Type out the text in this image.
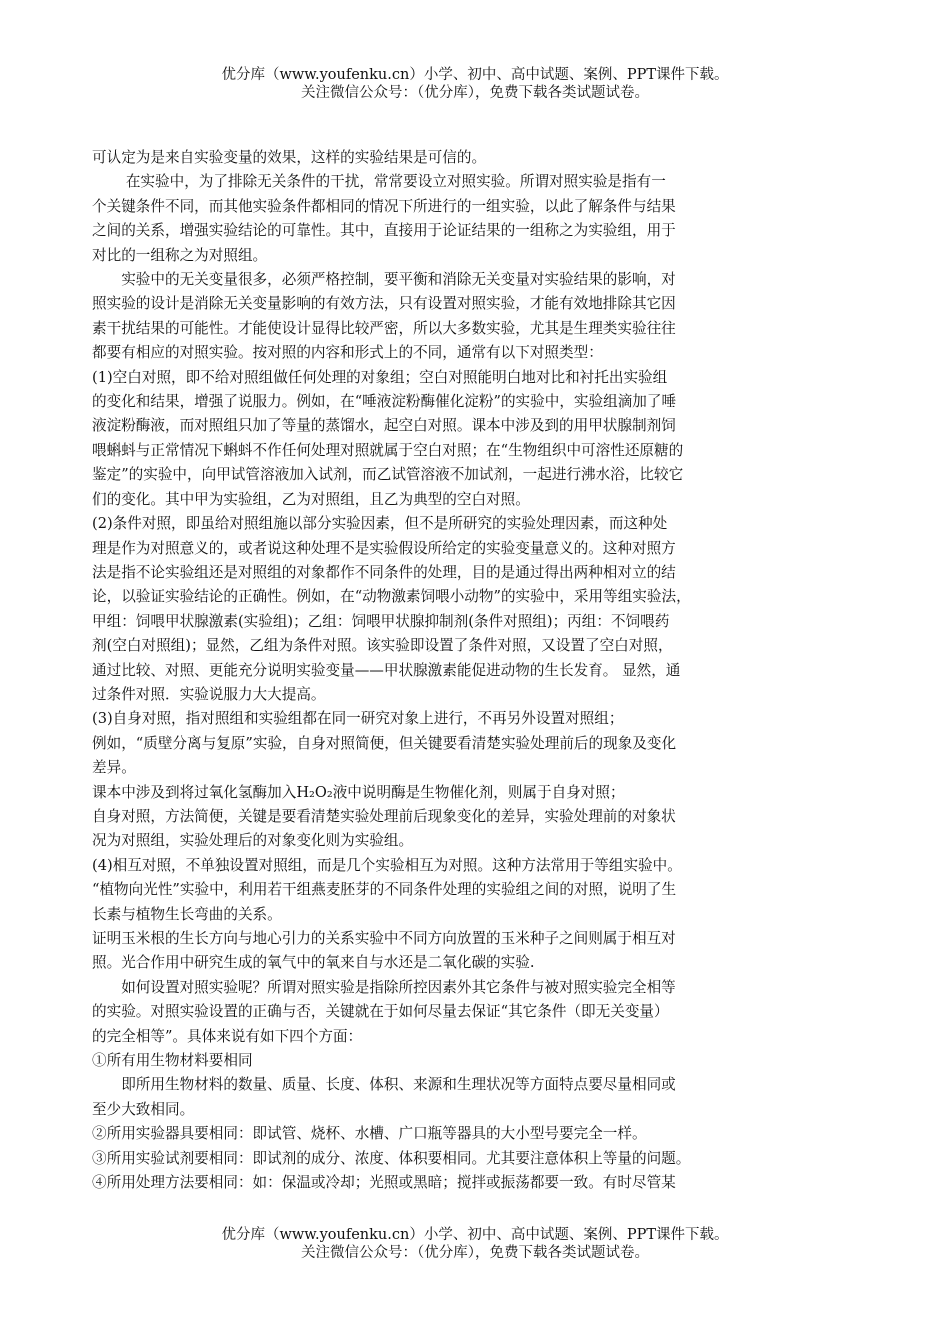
优分库（www.youfenku.cn）小学、初中、高中试题、案例、PPT课件下载。
关注微信公众号：（优分库），免费下载各类试题试卷。

可认定为是来自实验变量的效果，这样的实验结果是可信的。

　　 在实验中，为了排除无关条件的干扰，常常要设立对照实验。所谓对照实验是指有一

个关键条件不同，而其他实验条件都相同的情况下所进行的一组实验，以此了解条件与结果

之间的关系，增强实验结论的可靠性。其中，直接用于论证结果的一组称之为实验组，用于

对比的一组称之为对照组。

　　实验中的无关变量很多，必须严格控制，要平衡和消除无关变量对实验结果的影响，对

照实验的设计是消除无关变量影响的有效方法，只有设置对照实验，才能有效地排除其它因

素干扰结果的可能性。才能使设计显得比较严密，所以大多数实验，尤其是生理类实验往往

都要有相应的对照实验。按对照的内容和形式上的不同，通常有以下对照类型：

(1)空白对照，即不给对照组做任何处理的对象组；空白对照能明白地对比和衬托出实验组

的变化和结果，增强了说服力。例如，在“唾液淀粉酶催化淀粉”的实验中，实验组滴加了唾

液淀粉酶液，而对照组只加了等量的蒸馏水，起空白对照。课本中涉及到的用甲状腺制剂饲

喂蝌蚪与正常情况下蝌蚪不作任何处理对照就属于空白对照；在“生物组织中可溶性还原糖的

鉴定”的实验中，向甲试管溶液加入试剂，而乙试管溶液不加试剂，一起进行沸水浴，比较它

们的变化。其中甲为实验组，乙为对照组，且乙为典型的空白对照。

(2)条件对照，即虽给对照组施以部分实验因素，但不是所研究的实验处理因素，而这种处

理是作为对照意义的，或者说这种处理不是实验假设所给定的实验变量意义的。这种对照方

法是指不论实验组还是对照组的对象都作不同条件的处理，目的是通过得出两种相对立的结

论，以验证实验结论的正确性。例如，在“动物激素饲喂小动物”的实验中，采用等组实验法，

甲组：饲喂甲状腺激素(实验组)；乙组：饲喂甲状腺抑制剂(条件对照组)；丙组：不饲喂药

剂(空白对照组)；显然，乙组为条件对照。该实验即设置了条件对照，又设置了空白对照，

通过比较、对照、更能充分说明实验变量——甲状腺激素能促进动物的生长发育。 显然，通

过条件对照．实验说服力大大提高。

(3)自身对照，指对照组和实验组都在同一研究对象上进行，不再另外设置对照组；

例如，“质壁分离与复原”实验，自身对照简便，但关键要看清楚实验处理前后的现象及变化

差异。

课本中涉及到将过氧化氢酶加入H₂O₂液中说明酶是生物催化剂，则属于自身对照；

自身对照，方法简便，关键是要看清楚实验处理前后现象变化的差异，实验处理前的对象状

况为对照组，实验处理后的对象变化则为实验组。

(4)相互对照，不单独设置对照组，而是几个实验相互为对照。这种方法常用于等组实验中。

“植物向光性”实验中，利用若干组燕麦胚芽的不同条件处理的实验组之间的对照，说明了生

长素与植物生长弯曲的关系。

证明玉米根的生长方向与地心引力的关系实验中不同方向放置的玉米种子之间则属于相互对

照。光合作用中研究生成的氧气中的氧来自与水还是二氧化碳的实验.

　　如何设置对照实验呢？所谓对照实验是指除所控因素外其它条件与被对照实验完全相等

的实验。对照实验设置的正确与否，关键就在于如何尽量去保证“其它条件（即无关变量）

的完全相等”。具体来说有如下四个方面：

①所有用生物材料要相同

　　即所用生物材料的数量、质量、长度、体积、来源和生理状况等方面特点要尽量相同或

至少大致相同。

②所用实验器具要相同：即试管、烧杯、水槽、广口瓶等器具的大小型号要完全一样。

③所用实验试剂要相同：即试剂的成分、浓度、体积要相同。尤其要注意体积上等量的问题。

④所用处理方法要相同：如：保温或冷却；光照或黑暗；搅拌或振荡都要一致。有时尽管某

优分库（www.youfenku.cn）小学、初中、高中试题、案例、PPT课件下载。
关注微信公众号：（优分库），免费下载各类试题试卷。
